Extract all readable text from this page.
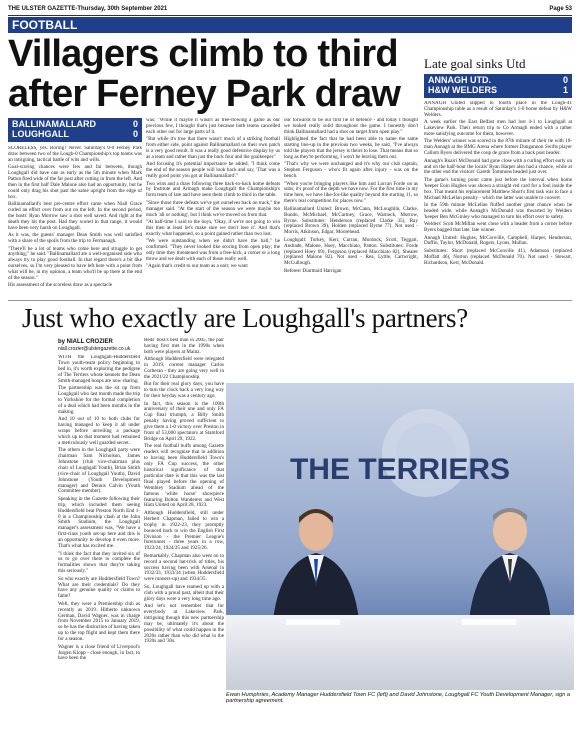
THE ULSTER GAZETTE-Thursday, 30th September 2021	Page 53
FOOTBALL
Villagers climb to third after Ferney Park draw
Late goal sinks Utd
ANNAGH UTD.	0
H&W WELDERS	1
BALLINAMALLARD	0
LOUGHGALL	0

SCORELESS, yes. Boring? Never. Saturday's 0-0 Ferney Park draw between two of the Lough-0 Championship's top teams was an intriguing, tactical battle of wits and wills.

Goal-scoring chances were few and far between, though Loughgall did have one as early as the 5th minute when Mark Patton fired wide of the far post after cutting in from the left. And then in the first half Dale Malone also had an opportunity, but he could only drag his shot past the same upright from the edge of box.

Ballinamallard's best pre-centre effort came when Niall Grace curled an effort over from out on the left. In the second period, the hosts' Ryan Morrow saw a shot well saved. And right at the death they hit the post. Had they scored in that range, it would have been very harsh on Loughgall.

As it was, the guests' manager Dean Smith was well satisfied with a share of the spoils from the trip to Fermanagh.

"There'll be a lot of teams who come here and struggle to get anything," he said. "Ballinamallard are a well-organised side who always try to play good football. In that regard there's a bit like ourselves, so I'm very pleased to have left here with a point from what will be, in my opinion, a team who'll be up there at the end of the season."

His assessment of the scoreless draw as a spectacle

was: "While it maybe it wasn't as free-flowing a game as our previous few, I thought that's just because both teams cancelled each other out for large parts of it.

"But while it's true that there wasn't much of a striking football from either side, point against Ballinamallard on their own patch is a very good result. It was a really good defensive display by us as a team and rather than just the back four and the goalkeeper."

And focusing it's potential importance he added, "I think come the end of the season people will look back and say, 'That was a really good point you got at Ballinamallard'."

Two wins and a draw following three back-to-back home defeats by Institute and Armagh make Loughgall the Championship's form team of late and have seen them climb to third in the table.

"Since those three defeats we've got ourselves back on track," the manager said. "At the start of the season we were maybe too much 'all or nothing', but I think we've moved on from that.

"At half-time I said to the boys, 'Okay, if we're not going to win this then at least let's make sure we don't lose it'. And that's exactly what happened, so a point gained rather than two lost.

"We were outstanding when we didn't have the ball," he confirmed. "They never looked like scoring from open play; the only time they threatened was from a free-kick, a corner or a long throw and we dealt with each of those really well.

"Again that's credit to our team as a unit; we want

our forwards to be our first lie of defence - and today I thought we looked really solid throughout the game. I honestly don't think Ballinamallard had a shot on target from open play."

Highlighted the fact that he had been able to name the same starting line-up in the previous two weeks, he said, "I've always told the players that the jersey is theirs to lose. That means that so long as they're performing, I won't be leaving them out.

"That's why we were unchanged and it's why our club captain, Stephen Ferguson - who's fit again after injury - was on the bench.

"When you're bringing players like him and Lorcan Forde on as subs, it's proof of the depth we have now. For the first time in my time here, we have like-for-like quality beyond the starting 11, so there's real competition for places now."

Ballinamallard United: Brown, McCann, McLoughlin, Clarke, Bundo, McMichael, McCartney, Grace, Warnock, Morrow, Byrne. Substitutes: Henderson (replaced Clarke 35), Ray (replaced Brown 39), Holden (replaced Byrne 77). Not used - Morris, Atkinson, Edgar, Moorehead.

Loughgall: Turkey, Kerr, Curran, Murdock, Scott, Teggart, Andrade, Malone, Hoey, Macchiato, Patton. Substitutes: Forde (replaced Hoey 69), Ferguson (replaced Macchiato 82), Shearer (replaced Malone 82). Not used - Rea, Lyttle, Cartwright, McCullough.

Referee: Diarmuid Harrigan

ANNAGH United slipped to fourth place in the Lough-41 Championship table as a result of Saturday's 1-0 home defeat by H&W Welders.

A week earlier the East Belfast men had lost 4-1 to Loughgall at Lakeview Park. Their return trip to Co Armagh ended with a rather more satisfying outcome for them, however.

The Welders' winner was scored in the 87th minute of their tie with 10-man Annagh at the BMG Arena where former Dungannon Swifts player Callum Byers delivered the coup de grace from a back post header.

Annagh's Ruairi McDonald had gone close with a curling effort early on and on the half-hour the locals' Ryan Harper also had a chance, while at the other end the visitors' Gareth Tommons headed just over.

The game's turning point came just before the interval when home 'keeper Eoin Hughes was shown a straight red card for a foul inside the box. That meant his replacement Matthew Short's first task was to face a Michael McLellan penalty - which the latter was unable to convert.

In the 59th minute McLellan fluffed another great chance when he headed wide, while Annagh's McDonald was thwarted by Welders 'keeper Ben McGinley who managed to turn his effort over to safety.

Welders' Scott McMillan went close with a header from a corner before Byers bagged that late, late winner.

Annagh United: Hughes, McConville, Campbell, Harper, Henderson, Duffin, Taylor, McDonald, Rogers, Lyons, Mullan.

Substitutes: Short (replaced McConville 41), Adamson (replaced Moffatt 46), Norton (replaced McDonald 70). Not used - Stewart, Richardson, Kerr, McDonald.

Just who exactly are Loughgall's partners?
by NIALL CROZIER
niall.crozier@ulstergazette.co.uk

WITH the Loughgall-Huddersfield Town youth-team policy beginning to bed in, it's worth exploring the pedigree of The Terriers whose kennels the Dean Smith-managed hoops are now sharing.

The partnership was the sit up from Loughgall who last month made the trip to Yorkshire for the formal completion of a deal which had been months in the making.

And 10 out of 10 to both clubs for having managed to keep it all under wraps before unveiling a package which up to that moment had remained a meticulously well guarded secret.

The others in the Loughgall party were chairman Sam Nicholson, James Johnstone (club vice-chairman plus chair of Loughgall Youth), Brian Smith (vice-chair of Loughgall Youth), David Johnstone (Youth Development manager) and Dennis Calvin (Youth Committee member).

Speaking in the Gazette following their trip, which included them seeing Huddersfield beat Preston North End 1-0 in a Championship clash at the John Smith Stadium, the Loughgall manager's assessment was, "We have a first-class youth set-up here and this is an opportunity to develop it even more. That's what has excited me.

"I think the fact that they invited six of us to go over there to complete the formalities shows that they're taking this seriously."

So who exactly are Huddersfield Town? What are their credentials? Do they have any genuine quality or claims to fame?

Well, they were a Premiership club as recently as 2019. Hitherto unknown German, David Wagner, was in charge from November 2015 to January 2019, so he has the distinction of having taken up to the top flight and kept them there for a season.

Wagner is a close friend of Liverpool's Jurgen Klopp - close enough, in fact, to have been the

Reds' boss's best man in 2005, the pair having first met in the 1990s when both were players at Mainz.

Although Huddersfield were relegated in 2019, current manager Carlos Corberan - they are going very well in the 2021/22 Championship.

But for their real glory days, you have to turn the clock back a very long way for their heyday was a century ago.

In fact, this season is the 100th anniversary of their one and only FA Cup final triumph, a Billy Smith penalty having proved sufficient to give them a 1-0 victory over Preston in front of 53,000 spectators at Stamford Bridge on April 29, 1922.

The real football buffs among Gazette readers will recognise that in addition to having been Huddersfield Town's only FA Cup success, the other historical significance of that particular date is that this was the last final played before the opening of Wembley Stadium ahead of the famous 'white horse' showpiece featuring Bolton Wanderers and West Ham United on April 28, 1923.

Although Huddersfield, still under Herbert Chapman, failed to win a trophy in 1922-23, they promptly bounced back to win the English First Division - the Premier League's forerunner - three years in a row, 1923/24, 1924/25 and 1925/26.

Remarkably, Chapman also went on to record a second hat-trick of titles, his success having been with Arsenal in 1932/33, 1933/34 (when Huddersfield were runners-up) and 1934/35.

So, Loughgall have teamed up with a club with a proud past, albeit that their glory days were a very long time ago.

And let's not remember that for everybody at Lakeview Park, intriguing though this new partnership may be, ultimately it's about the possibility of what could happen in the 2020s rather than who did what in the 1920s and '30s.

THE TERRIERS
Ewan Humphries, Academy Manager Huddersfield Town FC (left) and David Johnstone, Loughgall FC Youth Development Manager, sign a partnership agreement.
